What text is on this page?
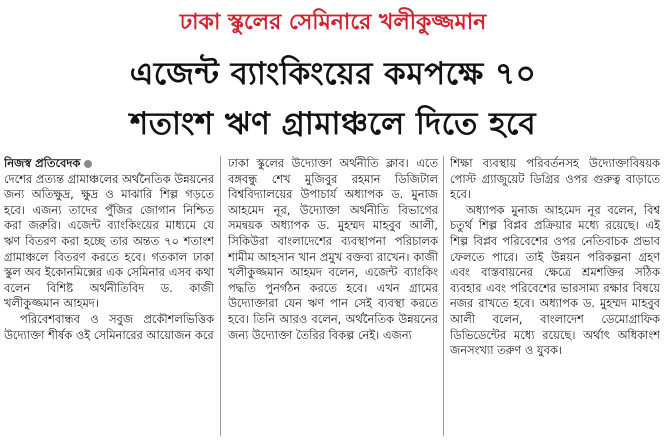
ঢাকা স্কুলের সেমিনারে খলীকুজ্জমান
এজেন্ট ব্যাংকিংয়ের কমপক্ষে ৭০
শতাংশ ঋণ গ্রামাঞ্চলে দিতে হবে
নিজস্ব প্রতিবেদক

দেশের প্রত্যন্ত গ্রামাঞ্চলের অর্থনৈতিক উন্নয়নের জন্য অতিক্ষুদ্র, ক্ষুদ্র ও মাঝারি শিল্প গড়তে হবে। এজন্য তাদের পুঁজির জোগান নিশ্চিত করা জরুরি। এজেন্ট ব্যাংকিংয়ের মাধ্যমে যে ঋণ বিতরণ করা হচ্ছে তার অন্তত ৭০ শতাংশ গ্রামাঞ্চলে বিতরণ করতে হবে। গতকাল ঢাকা স্কুল অব ইকোনমিক্সের এক সেমিনার এসব কথা বলেন বিশিষ্ট অর্থনীতিবিদ ড. কাজী খলীকুজ্জমান আহমদ।

পরিবেশবান্ধব ও সবুজ প্রকৌশলভিত্তিক উদ্যোক্তা শীর্ষক ওই সেমিনারের আয়োজন করে

ঢাকা স্কুলের উদ্যোক্তা অর্থনীতি ক্লাব। এতে বঙ্গবন্ধু শেখ মুজিবুর রহমান ডিজিটাল বিশ্ববিদ্যালয়ের উপাচার্য অধ্যাপক ড. মুনাজ আহমেদ নূর, উদ্যোক্তা অর্থনীতি বিভাগের সমন্বয়ক অধ্যাপক ড. মুহম্মদ মাহবুব আলী, সিকিউরা বাংলাদেশের ব্যবস্থাপনা পরিচালক শামীম আহসান খান প্রমুখ বক্তব্য রাখেন। কাজী খলীকুজ্জমান আহমদ বলেন, এজেন্ট ব্যাংকিং পদ্ধতি পুনর্গঠন করতে হবে। এখন গ্রামের উদ্যোক্তারা যেন ঋণ পান সেই ব্যবস্থা করতে হবে। তিনি আরও বলেন, অর্থনৈতিক উন্নয়নের জন্য উদ্যোক্তা তৈরির বিকল্প নেই। এজন্য

শিক্ষা ব্যবস্থায় পরিবর্তনসহ উদ্যোক্তাবিষয়ক পোস্ট গ্র্যাজুয়েট ডিগ্রির ওপর গুরুত্ব বাড়াতে হবে।

অধ্যাপক মুনাজ আহমেদ নূর বলেন, বিশ্ব চতুর্থ শিল্প বিপ্লব প্রক্রিয়ার মধ্যে রয়েছে। এই শিল্প বিপ্লব পরিবেশের ওপর নেতিবাচক প্রভাব ফেলতে পারে। তাই উন্নয়ন পরিকল্পনা গ্রহণ এবং বাস্তবায়নের ক্ষেত্রে শ্রমশক্তির সঠিক ব্যবহার এবং পরিবেশের ভারসাম্য রক্ষার বিষয়ে নজর রাখতে হবে। অধ্যাপক ড. মুহম্মদ মাহবুব আলী বলেন, বাংলাদেশ ডেমোগ্রাফিক ডিভিডেন্টের মধ্যে রয়েছে। অর্থাৎ অধিকাংশ জনসংখ্যা তরুণ ও যুবক।
